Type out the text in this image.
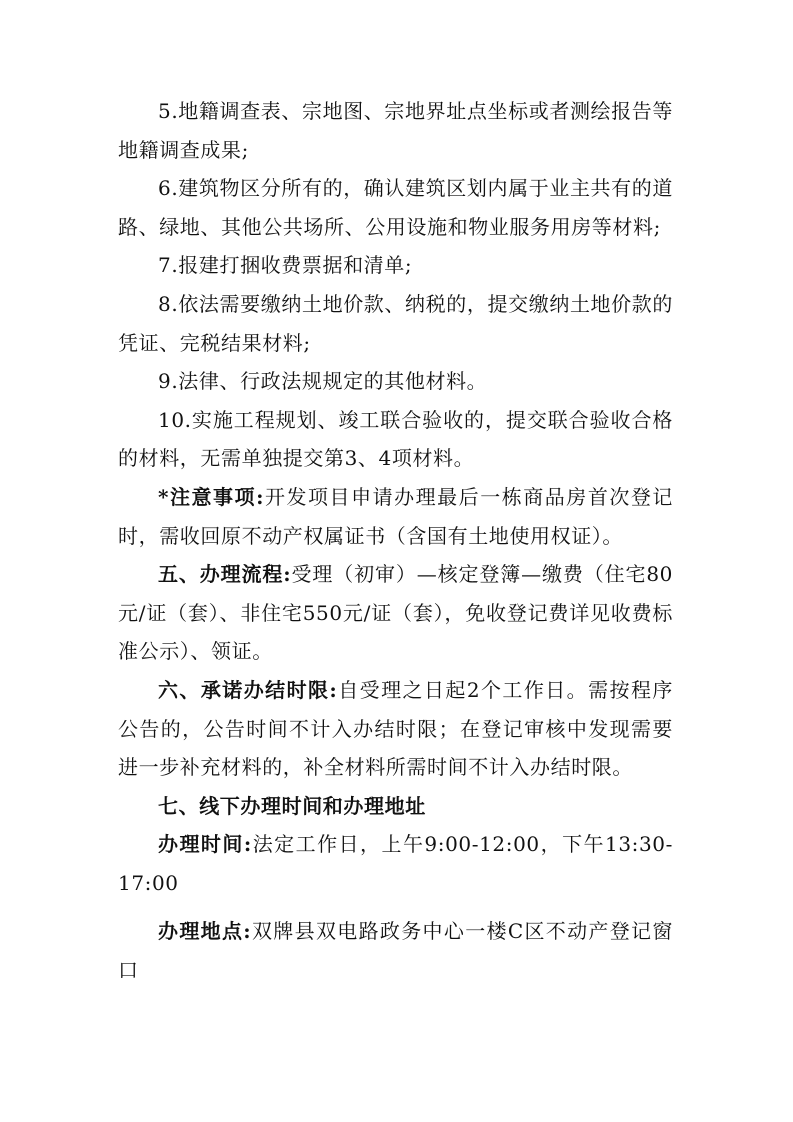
5.地籍调查表、宗地图、宗地界址点坐标或者测绘报告等地籍调查成果;

6.建筑物区分所有的，确认建筑区划内属于业主共有的道路、绿地、其他公共场所、公用设施和物业服务用房等材料;

7.报建打捆收费票据和清单;

8.依法需要缴纳土地价款、纳税的，提交缴纳土地价款的凭证、完税结果材料;

9.法律、行政法规规定的其他材料。

10.实施工程规划、竣工联合验收的，提交联合验收合格的材料，无需单独提交第3、4项材料。

*注意事项:开发项目申请办理最后一栋商品房首次登记时，需收回原不动产权属证书（含国有土地使用权证）。

五、办理流程:受理（初审）—核定登簿—缴费（住宅80元/证（套）、非住宅550元/证（套），免收登记费详见收费标准公示）、领证。

六、承诺办结时限:自受理之日起2个工作日。需按程序公告的，公告时间不计入办结时限；在登记审核中发现需要进一步补充材料的，补全材料所需时间不计入办结时限。

七、线下办理时间和办理地址

办理时间:法定工作日，上午9:00-12:00，下午13:30-17:00

办理地点:双牌县双电路政务中心一楼C区不动产登记窗口
